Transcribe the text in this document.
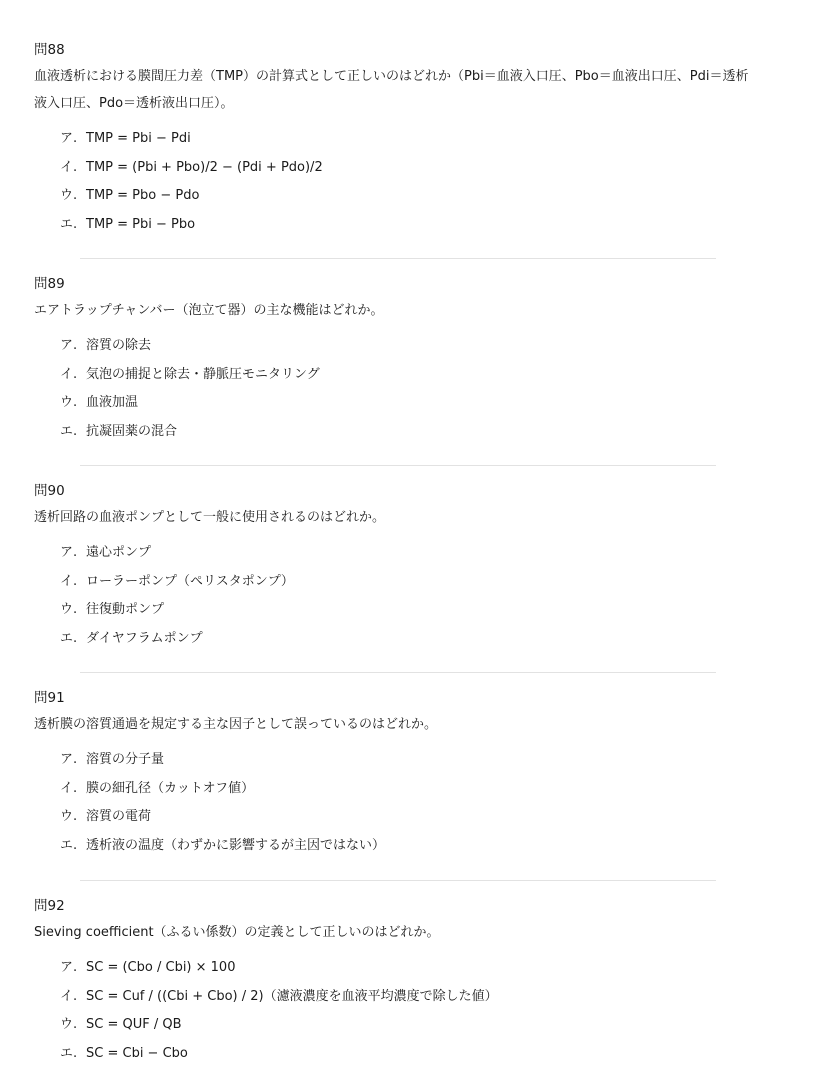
問88
血液透析における膜間圧力差（TMP）の計算式として正しいのはどれか（Pbi＝血液入口圧、Pbo＝血液出口圧、Pdi＝透析液入口圧、Pdo＝透析液出口圧）。
ア. TMP = Pbi − Pdi
イ. TMP = (Pbi + Pbo)/2 − (Pdi + Pdo)/2
ウ. TMP = Pbo − Pdo
エ. TMP = Pbi − Pbo
問89
エアトラップチャンバー（泡立て器）の主な機能はどれか。
ア. 溶質の除去
イ. 気泡の捕捉と除去・静脈圧モニタリング
ウ. 血液加温
エ. 抗凝固薬の混合
問90
透析回路の血液ポンプとして一般に使用されるのはどれか。
ア. 遠心ポンプ
イ. ローラーポンプ（ペリスタポンプ）
ウ. 往復動ポンプ
エ. ダイヤフラムポンプ
問91
透析膜の溶質通過を規定する主な因子として誤っているのはどれか。
ア. 溶質の分子量
イ. 膜の細孔径（カットオフ値）
ウ. 溶質の電荷
エ. 透析液の温度（わずかに影響するが主因ではない）
問92
Sieving coefficient（ふるい係数）の定義として正しいのはどれか。
ア. SC = (Cbo / Cbi) × 100
イ. SC = Cuf / ((Cbi + Cbo) / 2)（濾液濃度を血液平均濃度で除した値）
ウ. SC = QUF / QB
エ. SC = Cbi − Cbo
